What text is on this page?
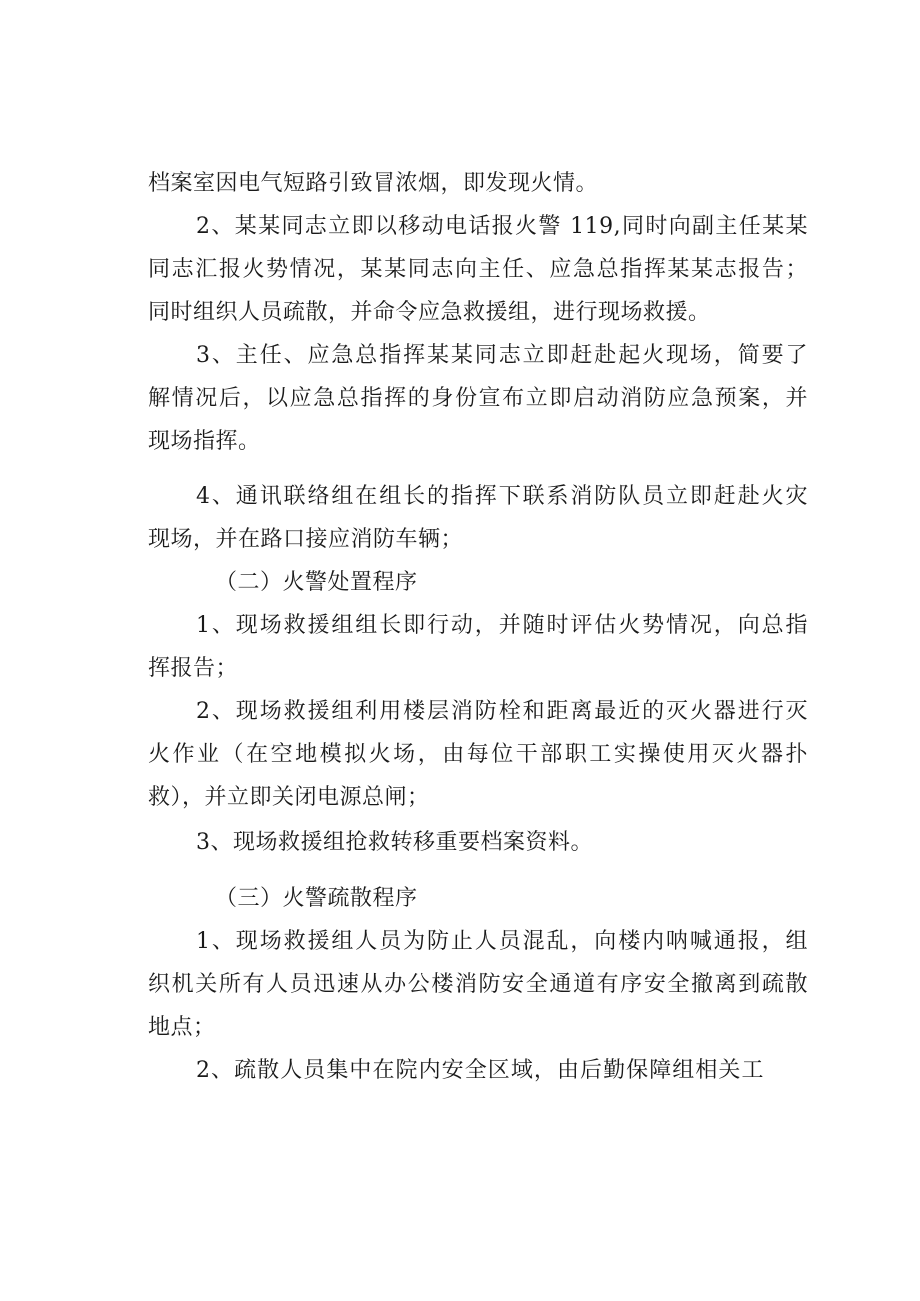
档案室因电气短路引致冒浓烟，即发现火情。
2、某某同志立即以移动电话报火警 119,同时向副主任某某
同志汇报火势情况，某某同志向主任、应急总指挥某某志报告；
同时组织人员疏散，并命令应急救援组，进行现场救援。
3、主任、应急总指挥某某同志立即赶赴起火现场，简要了
解情况后，以应急总指挥的身份宣布立即启动消防应急预案，并
现场指挥。
4、通讯联络组在组长的指挥下联系消防队员立即赶赴火灾
现场，并在路口接应消防车辆；
（二）火警处置程序
1、现场救援组组长即行动，并随时评估火势情况，向总指
挥报告；
2、现场救援组利用楼层消防栓和距离最近的灭火器进行灭
火作业（在空地模拟火场，由每位干部职工实操使用灭火器扑
救），并立即关闭电源总闸；
3、现场救援组抢救转移重要档案资料。
（三）火警疏散程序
1、现场救援组人员为防止人员混乱，向楼内呐喊通报，组
织机关所有人员迅速从办公楼消防安全通道有序安全撤离到疏散
地点；
2、疏散人员集中在院内安全区域，由后勤保障组相关工
